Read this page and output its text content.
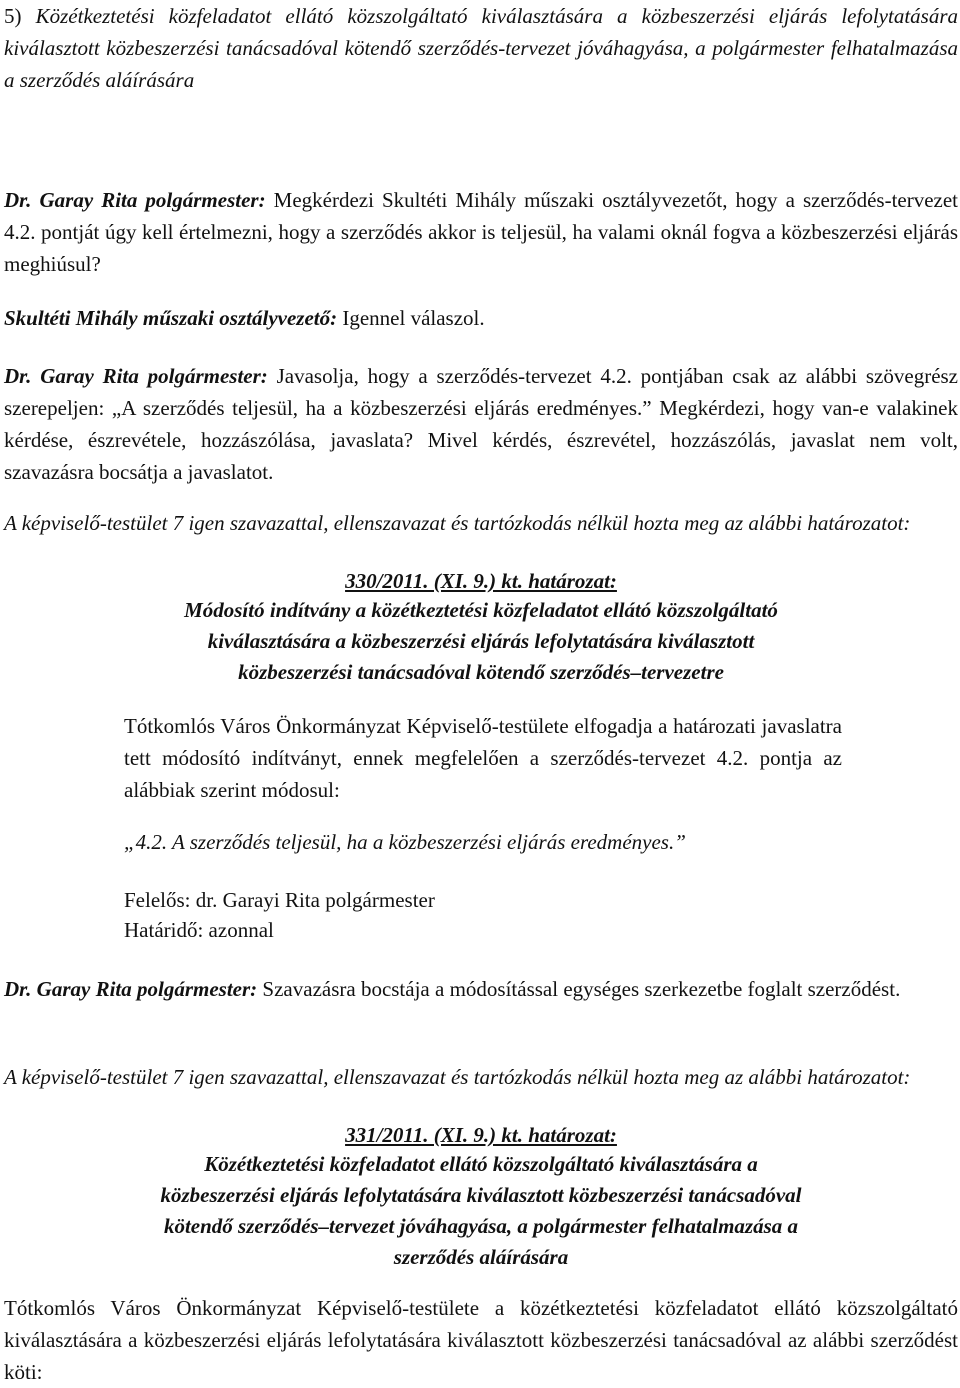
5) Közétkeztetési közfeladatot ellátó közszolgáltató kiválasztására a közbeszerzési eljárás lefolytatására kiválasztott közbeszerzési tanácsadóval kötendő szerződés-tervezet jóváhagyása, a polgármester felhatalmazása a szerződés aláírására

Dr. Garay Rita polgármester: Megkérdezi Skultéti Mihály műszaki osztályvezetőt, hogy a szerződés-tervezet 4.2. pontját úgy kell értelmezni, hogy a szerződés akkor is teljesül, ha valami oknál fogva a közbeszerzési eljárás meghiúsul?

Skultéti Mihály műszaki osztályvezető: Igennel válaszol.

Dr. Garay Rita polgármester: Javasolja, hogy a szerződés-tervezet 4.2. pontjában csak az alábbi szövegrész szerepeljen: „A szerződés teljesül, ha a közbeszerzési eljárás eredményes.” Megkérdezi, hogy van-e valakinek kérdése, észrevétele, hozzászólása, javaslata? Mivel kérdés, észrevétel, hozzászólás, javaslat nem volt, szavazásra bocsátja a javaslatot.

A képviselő-testület 7 igen szavazattal, ellenszavazat és tartózkodás nélkül hozta meg az alábbi határozatot:

330/2011. (XI. 9.) kt. határozat:

Módosító indítvány a közétkeztetési közfeladatot ellátó közszolgáltató
kiválasztására a közbeszerzési eljárás lefolytatására kiválasztott
közbeszerzési tanácsadóval kötendő szerződés–tervezetre

Tótkomlós Város Önkormányzat Képviselő-testülete elfogadja a határozati javaslatra tett módosító indítványt, ennek megfelelően a szerződés-tervezet 4.2. pontja az alábbiak szerint módosul:

„4.2. A szerződés teljesül, ha a közbeszerzési eljárás eredményes.”

Felelős: dr. Garayi Rita polgármester

Határidő: azonnal

Dr. Garay Rita polgármester: Szavazásra bocstája a módosítással egységes szerkezetbe foglalt szerződést.

A képviselő-testület 7 igen szavazattal, ellenszavazat és tartózkodás nélkül hozta meg az alábbi határozatot:

331/2011. (XI. 9.) kt. határozat:

Közétkeztetési közfeladatot ellátó közszolgáltató kiválasztására a
közbeszerzési eljárás lefolytatására kiválasztott közbeszerzési tanácsadóval
kötendő szerződés–tervezet jóváhagyása, a polgármester felhatalmazása a
szerződés aláírására

Tótkomlós Város Önkormányzat Képviselő-testülete a közétkeztetési közfeladatot ellátó közszolgáltató kiválasztására a közbeszerzési eljárás lefolytatására kiválasztott közbeszerzési tanácsadóval az alábbi szerződést köti:
